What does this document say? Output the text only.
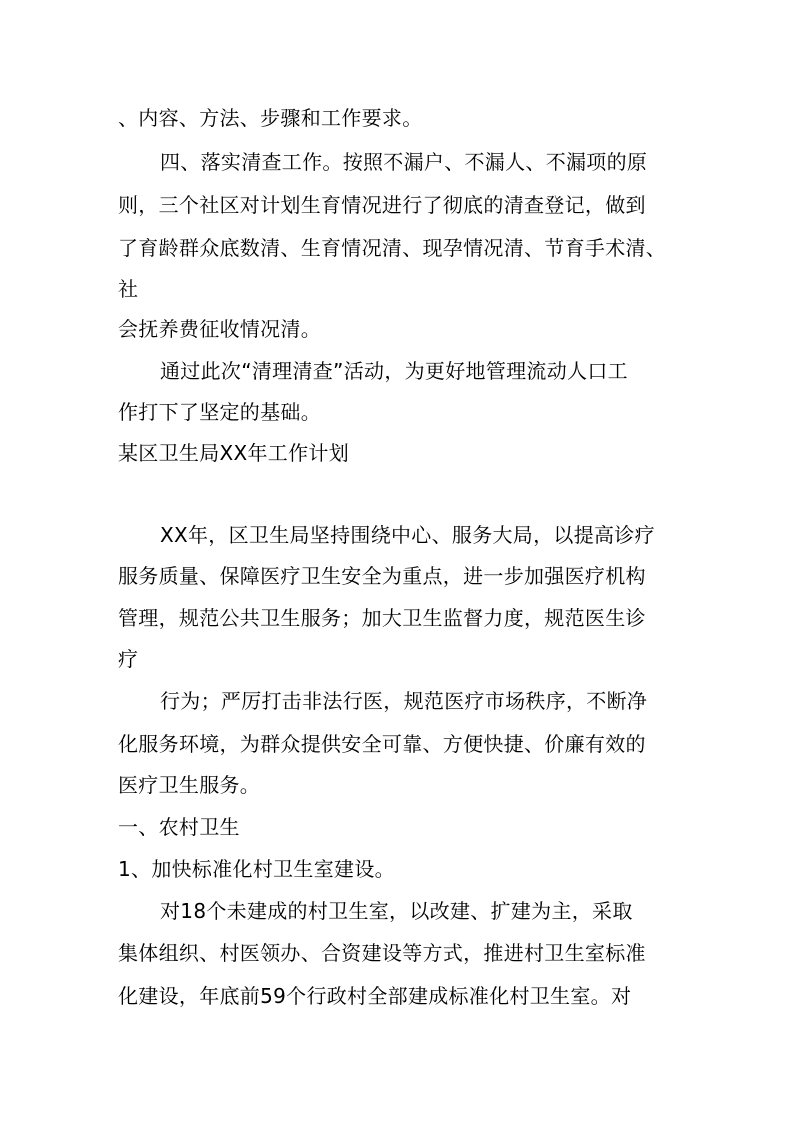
、内容、方法、步骤和工作要求。
四、落实清查工作。按照不漏户、不漏人、不漏项的原
则，三个社区对计划生育情况进行了彻底的清查登记，做到
了育龄群众底数清、生育情况清、现孕情况清、节育手术清、
社
会抚养费征收情况清。
通过此次“清理清查”活动，为更好地管理流动人口工
作打下了坚定的基础。
某区卫生局XX年工作计划
XX年，区卫生局坚持围绕中心、服务大局，以提高诊疗
服务质量、保障医疗卫生安全为重点，进一步加强医疗机构
管理，规范公共卫生服务；加大卫生监督力度，规范医生诊
疗
行为；严厉打击非法行医，规范医疗市场秩序，不断净
化服务环境，为群众提供安全可靠、方便快捷、价廉有效的
医疗卫生服务。
一、农村卫生
1、加快标准化村卫生室建设。
对18个未建成的村卫生室，以改建、扩建为主，采取
集体组织、村医领办、合资建设等方式，推进村卫生室标准
化建设，年底前59个行政村全部建成标准化村卫生室。对
